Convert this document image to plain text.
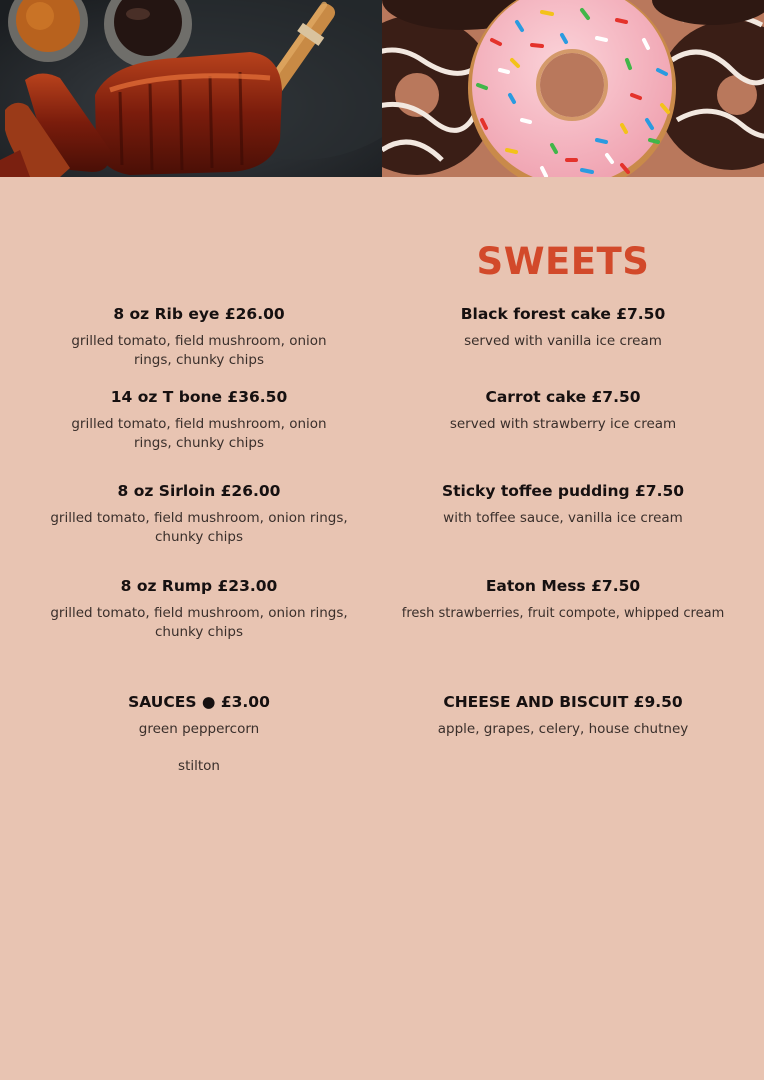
SWEETS
8 oz Rib eye £26.00
grilled tomato, field mushroom, onion rings, chunky chips
14 oz T bone £36.50
grilled tomato, field mushroom, onion rings, chunky chips
8 oz Sirloin £26.00
grilled tomato, field mushroom, onion rings, chunky chips
8 oz Rump £23.00
grilled tomato, field mushroom, onion rings, chunky chips
SAUCES ● £3.00
green peppercorn
stilton
Black forest cake £7.50
served with vanilla ice cream
Carrot cake £7.50
served with strawberry ice cream
Sticky toffee pudding £7.50
with toffee sauce, vanilla ice cream
Eaton Mess £7.50
fresh strawberries, fruit compote, whipped cream
CHEESE AND BISCUIT £9.50
apple, grapes, celery, house chutney
